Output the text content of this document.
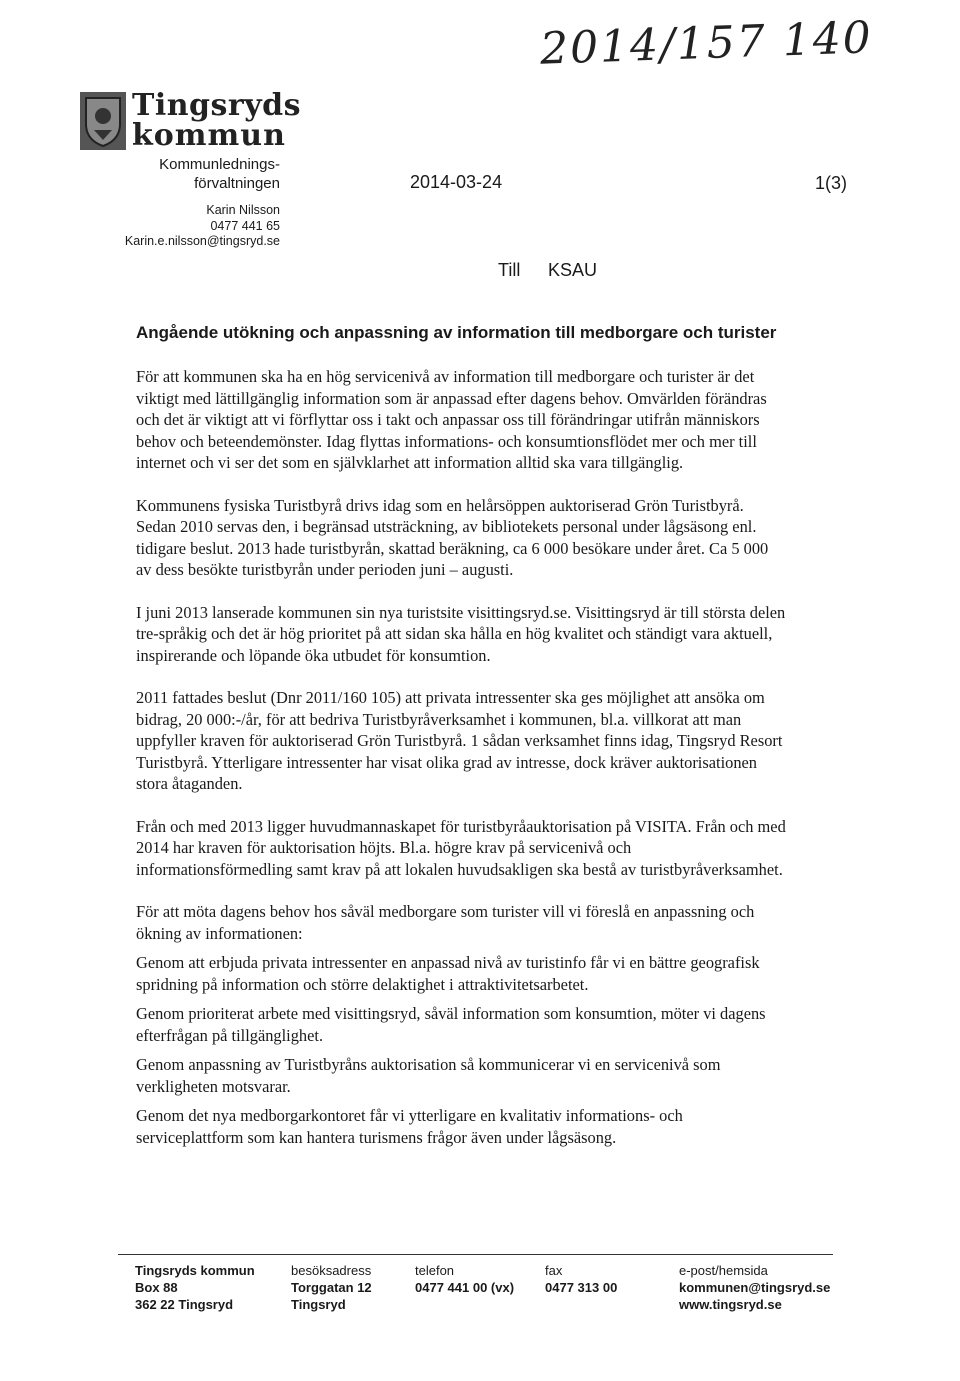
2014/157 140
Tingsryds
kommun
Kommunlednings-
förvaltningen
Karin Nilsson
0477 441 65
Karin.e.nilsson@tingsryd.se
2014-03-24	1(3)
Till KSAU
Angående utökning och anpassning av information till medborgare och turister

För att kommunen ska ha en hög servicenivå av information till medborgare och turister är det viktigt med lättillgänglig information som är anpassad efter dagens behov. Omvärlden förändras och det är viktigt att vi förflyttar oss i takt och anpassar oss till förändringar utifrån människors behov och beteendemönster. Idag flyttas informations- och konsumtionsflödet mer och mer till internet och vi ser det som en självklarhet att information alltid ska vara tillgänglig.

Kommunens fysiska Turistbyrå drivs idag som en helårsöppen auktoriserad Grön Turistbyrå. Sedan 2010 servas den, i begränsad utsträckning, av bibliotekets personal under lågsäsong enl. tidigare beslut. 2013 hade turistbyrån, skattad beräkning, ca 6 000 besökare under året. Ca 5 000 av dess besökte turistbyrån under perioden juni – augusti.

I juni 2013 lanserade kommunen sin nya turistsite visittingsryd.se. Visittingsryd är till största delen tre-språkig och det är hög prioritet på att sidan ska hålla en hög kvalitet och ständigt vara aktuell, inspirerande och löpande öka utbudet för konsumtion.

2011 fattades beslut (Dnr 2011/160 105) att privata intressenter ska ges möjlighet att ansöka om bidrag, 20 000:-/år, för att bedriva Turistbyråverksamhet i kommunen, bl.a. villkorat att man uppfyller kraven för auktoriserad Grön Turistbyrå. 1 sådan verksamhet finns idag, Tingsryd Resort Turistbyrå. Ytterligare intressenter har visat olika grad av intresse, dock kräver auktorisationen stora åtaganden.

Från och med 2013 ligger huvudmannaskapet för turistbyråauktorisation på VISITA. Från och med 2014 har kraven för auktorisation höjts. Bl.a. högre krav på servicenivå och informationsförmedling samt krav på att lokalen huvudsakligen ska bestå av turistbyråverksamhet.

För att möta dagens behov hos såväl medborgare som turister vill vi föreslå en anpassning och ökning av informationen:

Genom att erbjuda privata intressenter en anpassad nivå av turistinfo får vi en bättre geografisk spridning på information och större delaktighet i attraktivitetsarbetet.

Genom prioriterat arbete med visittingsryd, såväl information som konsumtion, möter vi dagens efterfrågan på tillgänglighet.

Genom anpassning av Turistbyråns auktorisation så kommunicerar vi en servicenivå som verkligheten motsvarar.

Genom det nya medborgarkontoret får vi ytterligare en kvalitativ informations- och serviceplattform som kan hantera turismens frågor även under lågsäsong.

Tingsryds kommun
Box 88
362 22 Tingsryd
besöksadress
Torggatan 12
Tingsryd
telefon
0477 441 00 (vx)
fax
0477 313 00
e-post/hemsida
kommunen@tingsryd.se
www.tingsryd.se
